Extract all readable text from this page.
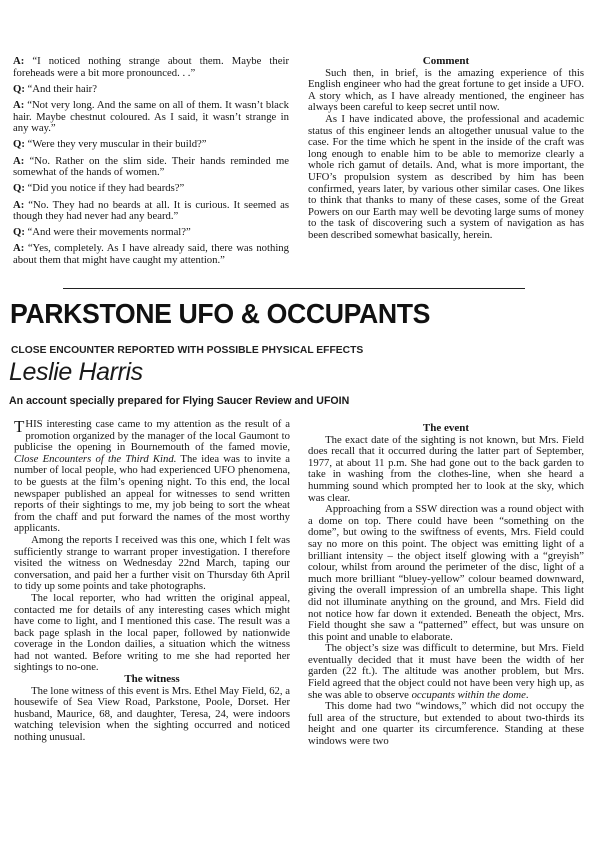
A: “I noticed nothing strange about them. Maybe their foreheads were a bit more pronounced. . .”

Q: “And their hair?

A: “Not very long. And the same on all of them. It wasn’t black hair. Maybe chestnut coloured. As I said, it wasn’t strange in any way.”

Q: “Were they very muscular in their build?”

A: “No. Rather on the slim side. Their hands reminded me somewhat of the hands of women.”

Q: “Did you notice if they had beards?”

A: “No. They had no beards at all. It is curious. It seemed as though they had never had any beard.”

Q: “And were their movements normal?”

A: “Yes, completely. As I have already said, there was nothing about them that might have caught my attention.”

Comment

Such then, in brief, is the amazing experience of this English engineer who had the great fortune to get inside a UFO. A story which, as I have already mentioned, the engineer has always been careful to keep secret until now.

As I have indicated above, the professional and academic status of this engineer lends an altogether unusual value to the case. For the time which he spent in the inside of the craft was long enough to enable him to be able to memorize clearly a whole rich gamut of details. And, what is more important, the UFO’s propulsion system as described by him has been confirmed, years later, by various other similar cases. One likes to think that thanks to many of these cases, some of the Great Powers on our Earth may well be devoting large sums of money to the task of discovering such a system of navigation as has been described somewhat basically, herein.

PARKSTONE UFO & OCCUPANTS
CLOSE ENCOUNTER REPORTED WITH POSSIBLE PHYSICAL EFFECTS
Leslie Harris
An account specially prepared for Flying Saucer Review and UFOIN

THIS interesting case came to my attention as the result of a promotion organized by the manager of the local Gaumont to publicise the opening in Bournemouth of the famed movie, Close Encounters of the Third Kind. The idea was to invite a number of local people, who had experienced UFO phenomena, to be guests at the film’s opening night. To this end, the local newspaper published an appeal for witnesses to send written reports of their sightings to me, my job being to sort the wheat from the chaff and put forward the names of the most worthy applicants.

Among the reports I received was this one, which I felt was sufficiently strange to warrant proper investigation. I therefore visited the witness on Wednesday 22nd March, taping our conversation, and paid her a further visit on Thursday 6th April to tidy up some points and take photographs.

The local reporter, who had written the original appeal, contacted me for details of any interesting cases which might have come to light, and I mentioned this case. The result was a back page splash in the local paper, followed by nationwide coverage in the London dailies, a situation which the witness had not wanted. Before writing to me she had reported her sightings to no-one.

The witness

The lone witness of this event is Mrs. Ethel May Field, 62, a housewife of Sea View Road, Parkstone, Poole, Dorset. Her husband, Maurice, 68, and daughter, Teresa, 24, were indoors watching television when the sighting occurred and noticed nothing unusual.

The event

The exact date of the sighting is not known, but Mrs. Field does recall that it occurred during the latter part of September, 1977, at about 11 p.m. She had gone out to the back garden to take in washing from the clothes-line, when she heard a humming sound which prompted her to look at the sky, which was clear.

Approaching from a SSW direction was a round object with a dome on top. There could have been “something on the dome”, but owing to the swiftness of events, Mrs. Field could say no more on this point. The object was emitting light of a brilliant intensity – the object itself glowing with a “greyish” colour, whilst from around the perimeter of the disc, light of a much more brilliant “bluey-yellow” colour beamed downward, giving the overall impression of an umbrella shape. This light did not illuminate anything on the ground, and Mrs. Field did not notice how far down it extended. Beneath the object, Mrs. Field thought she saw a “patterned” effect, but was unsure on this point and unable to elaborate.

The object’s size was difficult to determine, but Mrs. Field eventually decided that it must have been the width of her garden (22 ft.). The altitude was another problem, but Mrs. Field agreed that the object could not have been very high up, as she was able to observe occupants within the dome.

This dome had two “windows,” which did not occupy the full area of the structure, but extended to about two-thirds its height and one quarter its circumference. Standing at these windows were two
